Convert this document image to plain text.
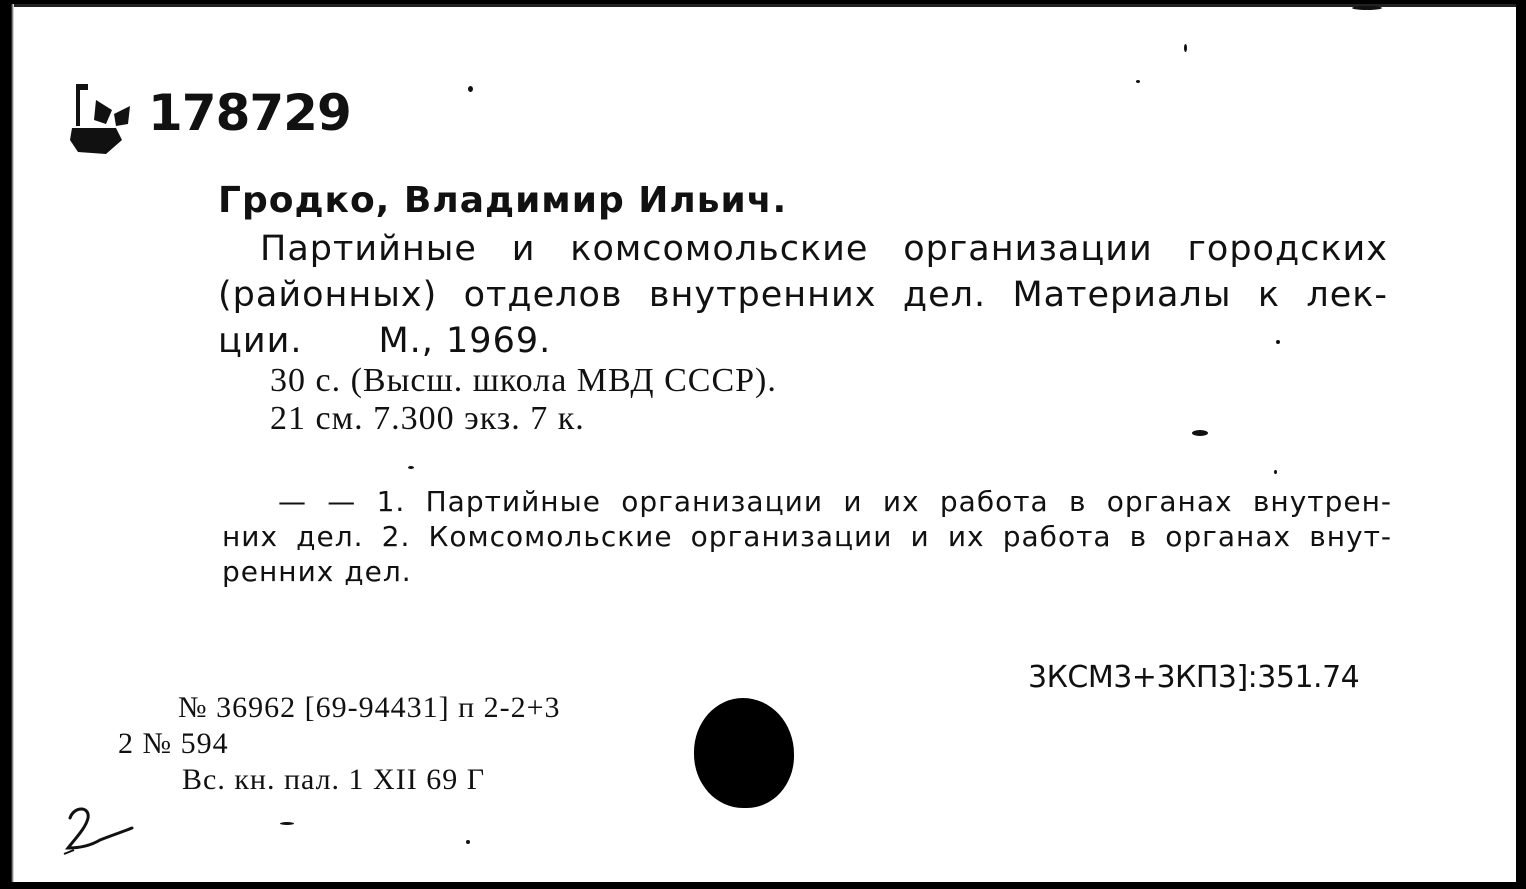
178729
Гродко, Владимир Ильич.
Партийные и комсомольские организации городских
(районных) отделов внутренних дел. Материалы к лек-
ции. М., 1969.
30 с. (Высш. школа МВД СССР).
21 см. 7.300 экз. 7 к.
— — 1. Партийные организации и их работа в органах внутрен-
них дел. 2. Комсомольские организации и их работа в органах внут-
ренних дел.
3КСМ3+3КП3]:351.74
№ 36962 [69-94431] п 2-2+3
2 № 594
Вс. кн. пал. 1 XII 69 Г
